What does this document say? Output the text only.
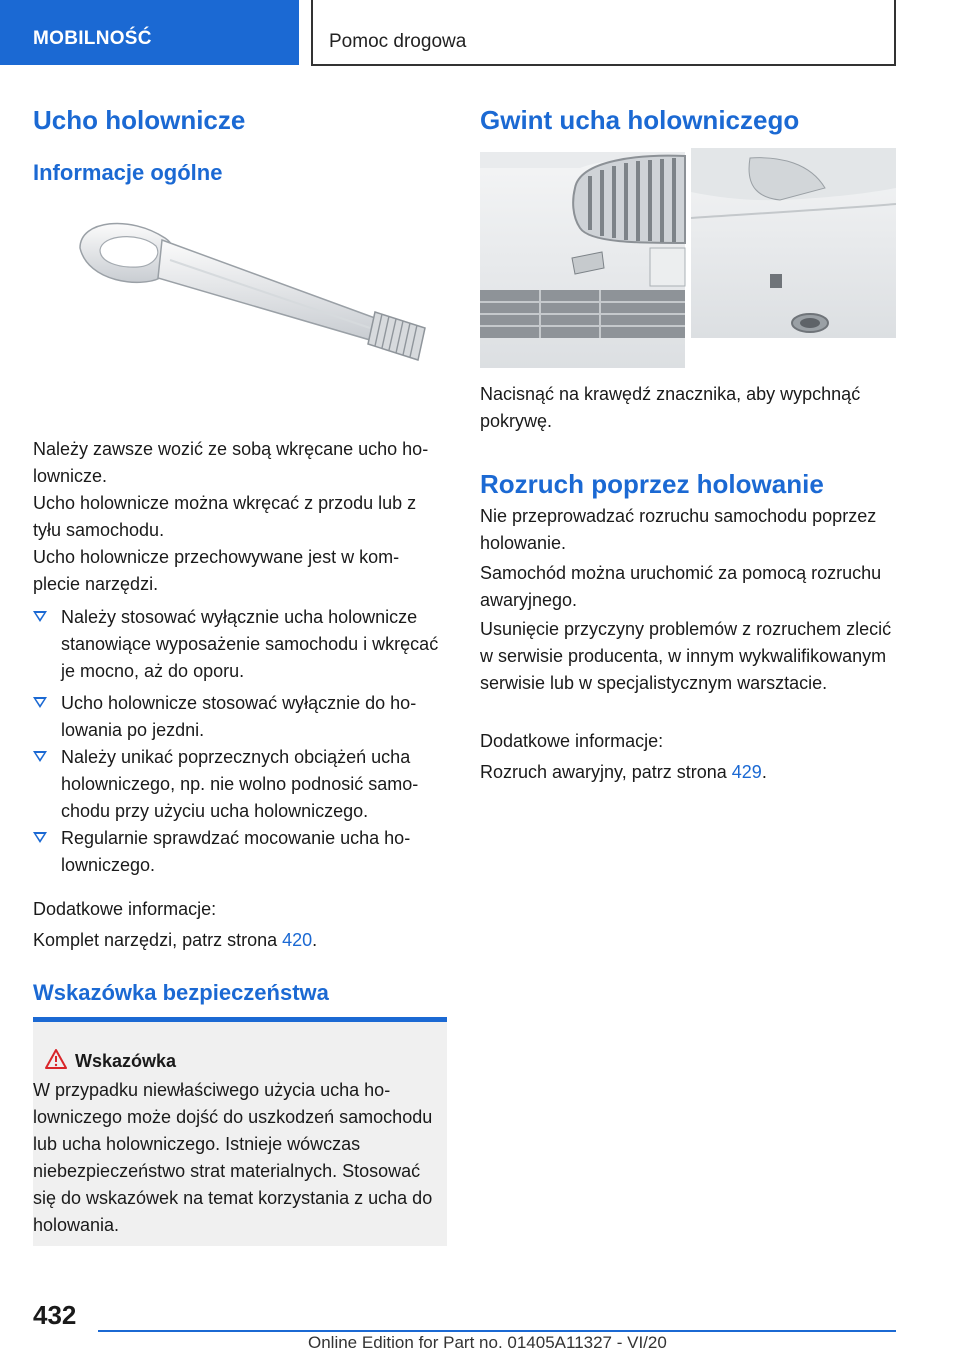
MOBILNOŚĆ	Pomoc drogowa
Ucho holownicze
Informacje ogólne

Należy zawsze wozić ze sobą wkręcane ucho holownicze.

Ucho holownicze można wkręcać z przodu lub z tyłu samochodu.

Ucho holownicze przechowywane jest w komplecie narzędzi.

Należy stosować wyłącznie ucha holownicze stanowiące wyposażenie samochodu i wkręcać je mocno, aż do oporu.
Ucho holownicze stosować wyłącznie do holowania po jezdni.
Należy unikać poprzecznych obciążeń ucha holowniczego, np. nie wolno podnosić samochodu przy użyciu ucha holowniczego.
Regularnie sprawdzać mocowanie ucha holowniczego.

Dodatkowe informacje:

Komplet narzędzi, patrz strona 420.

Wskazówka bezpieczeństwa
Wskazówka

W przypadku niewłaściwego użycia ucha holowniczego może dojść do uszkodzeń samochodu lub ucha holowniczego. Istnieje wówczas niebezpieczeństwo strat materialnych. Stosować się do wskazówek na temat korzystania z ucha do holowania.

Gwint ucha holowniczego

Nacisnąć na krawędź znacznika, aby wypchnąć pokrywę.

Rozruch poprzez holowanie

Nie przeprowadzać rozruchu samochodu poprzez holowanie.

Samochód można uruchomić za pomocą rozruchu awaryjnego.

Usunięcie przyczyny problemów z rozruchem zlecić w serwisie producenta, w innym wykwalifikowanym serwisie lub w specjalistycznym warsztacie.

Dodatkowe informacje:

Rozruch awaryjny, patrz strona 429.

432
Online Edition for Part no. 01405A11327 - VI/20
